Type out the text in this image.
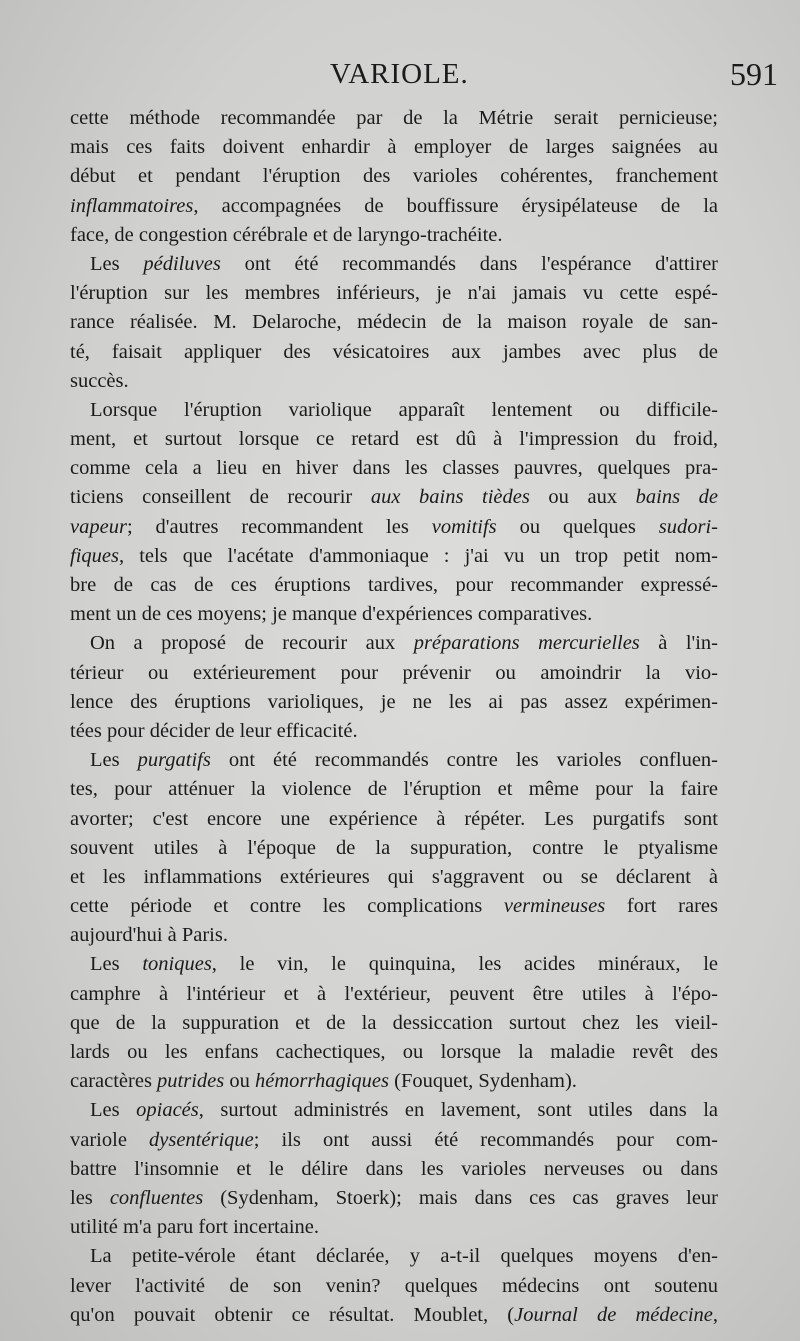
VARIOLE.	591
cette méthode recommandée par de la Métrie serait pernicieuse;
mais ces faits doivent enhardir à employer de larges saignées au
début et pendant l'éruption des varioles cohérentes, franchement
inflammatoires, accompagnées de bouffissure érysipélateuse de la
face, de congestion cérébrale et de laryngo-trachéite.
Les pédiluves ont été recommandés dans l'espérance d'attirer
l'éruption sur les membres inférieurs, je n'ai jamais vu cette espé-
rance réalisée. M. Delaroche, médecin de la maison royale de san-
té, faisait appliquer des vésicatoires aux jambes avec plus de
succès.
Lorsque l'éruption variolique apparaît lentement ou difficile-
ment, et surtout lorsque ce retard est dû à l'impression du froid,
comme cela a lieu en hiver dans les classes pauvres, quelques pra-
ticiens conseillent de recourir aux bains tièdes ou aux bains de
vapeur; d'autres recommandent les vomitifs ou quelques sudori-
fiques, tels que l'acétate d'ammoniaque : j'ai vu un trop petit nom-
bre de cas de ces éruptions tardives, pour recommander expressé-
ment un de ces moyens; je manque d'expériences comparatives.
On a proposé de recourir aux préparations mercurielles à l'in-
térieur ou extérieurement pour prévenir ou amoindrir la vio-
lence des éruptions varioliques, je ne les ai pas assez expérimen-
tées pour décider de leur efficacité.
Les purgatifs ont été recommandés contre les varioles confluen-
tes, pour atténuer la violence de l'éruption et même pour la faire
avorter; c'est encore une expérience à répéter. Les purgatifs sont
souvent utiles à l'époque de la suppuration, contre le ptyalisme
et les inflammations extérieures qui s'aggravent ou se déclarent à
cette période et contre les complications vermineuses fort rares
aujourd'hui à Paris.
Les toniques, le vin, le quinquina, les acides minéraux, le
camphre à l'intérieur et à l'extérieur, peuvent être utiles à l'épo-
que de la suppuration et de la dessiccation surtout chez les vieil-
lards ou les enfans cachectiques, ou lorsque la maladie revêt des
caractères putrides ou hémorrhagiques (Fouquet, Sydenham).
Les opiacés, surtout administrés en lavement, sont utiles dans la
variole dysentérique; ils ont aussi été recommandés pour com-
battre l'insomnie et le délire dans les varioles nerveuses ou dans
les confluentes (Sydenham, Stoerk); mais dans ces cas graves leur
utilité m'a paru fort incertaine.
La petite-vérole étant déclarée, y a-t-il quelques moyens d'en-
lever l'activité de son venin? quelques médecins ont soutenu
qu'on pouvait obtenir ce résultat. Moublet, (Journal de médecine,
